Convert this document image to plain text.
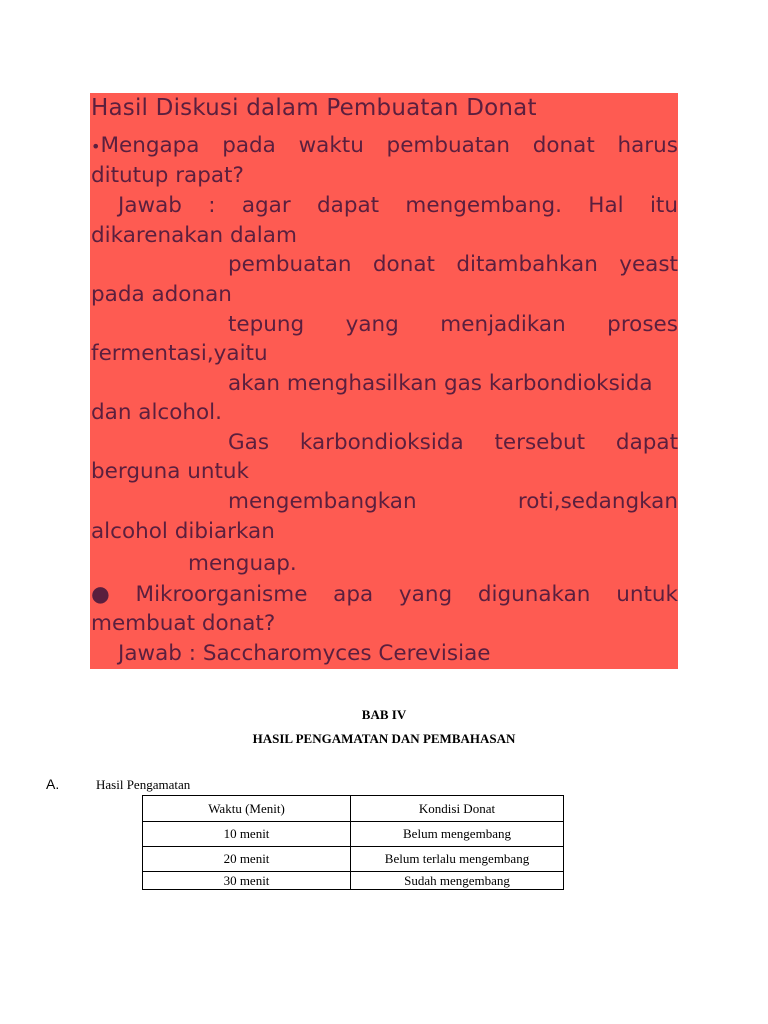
Hasil Diskusi dalam Pembuatan Donat
•Mengapa pada waktu pembuatan donat harus
ditutup rapat?
Jawab : agar dapat mengembang. Hal itu
dikarenakan dalam
pembuatan donat ditambahkan yeast
pada adonan
tepung yang menjadikan proses
fermentasi,yaitu
akan menghasilkan gas karbondioksida
dan alcohol.
Gas karbondioksida tersebut dapat
berguna untuk
mengembangkan	roti,sedangkan
alcohol dibiarkan
menguap.
● Mikroorganisme apa yang digunakan untuk
membuat donat?
Jawab : Saccharomyces Cerevisiae
BAB IV
HASIL PENGAMATAN DAN PEMBAHASAN
A.	Hasil Pengamatan
Waktu (Menit)	Kondisi Donat
10 menit	Belum mengembang
20 menit	Belum terlalu mengembang
30 menit	Sudah mengembang
